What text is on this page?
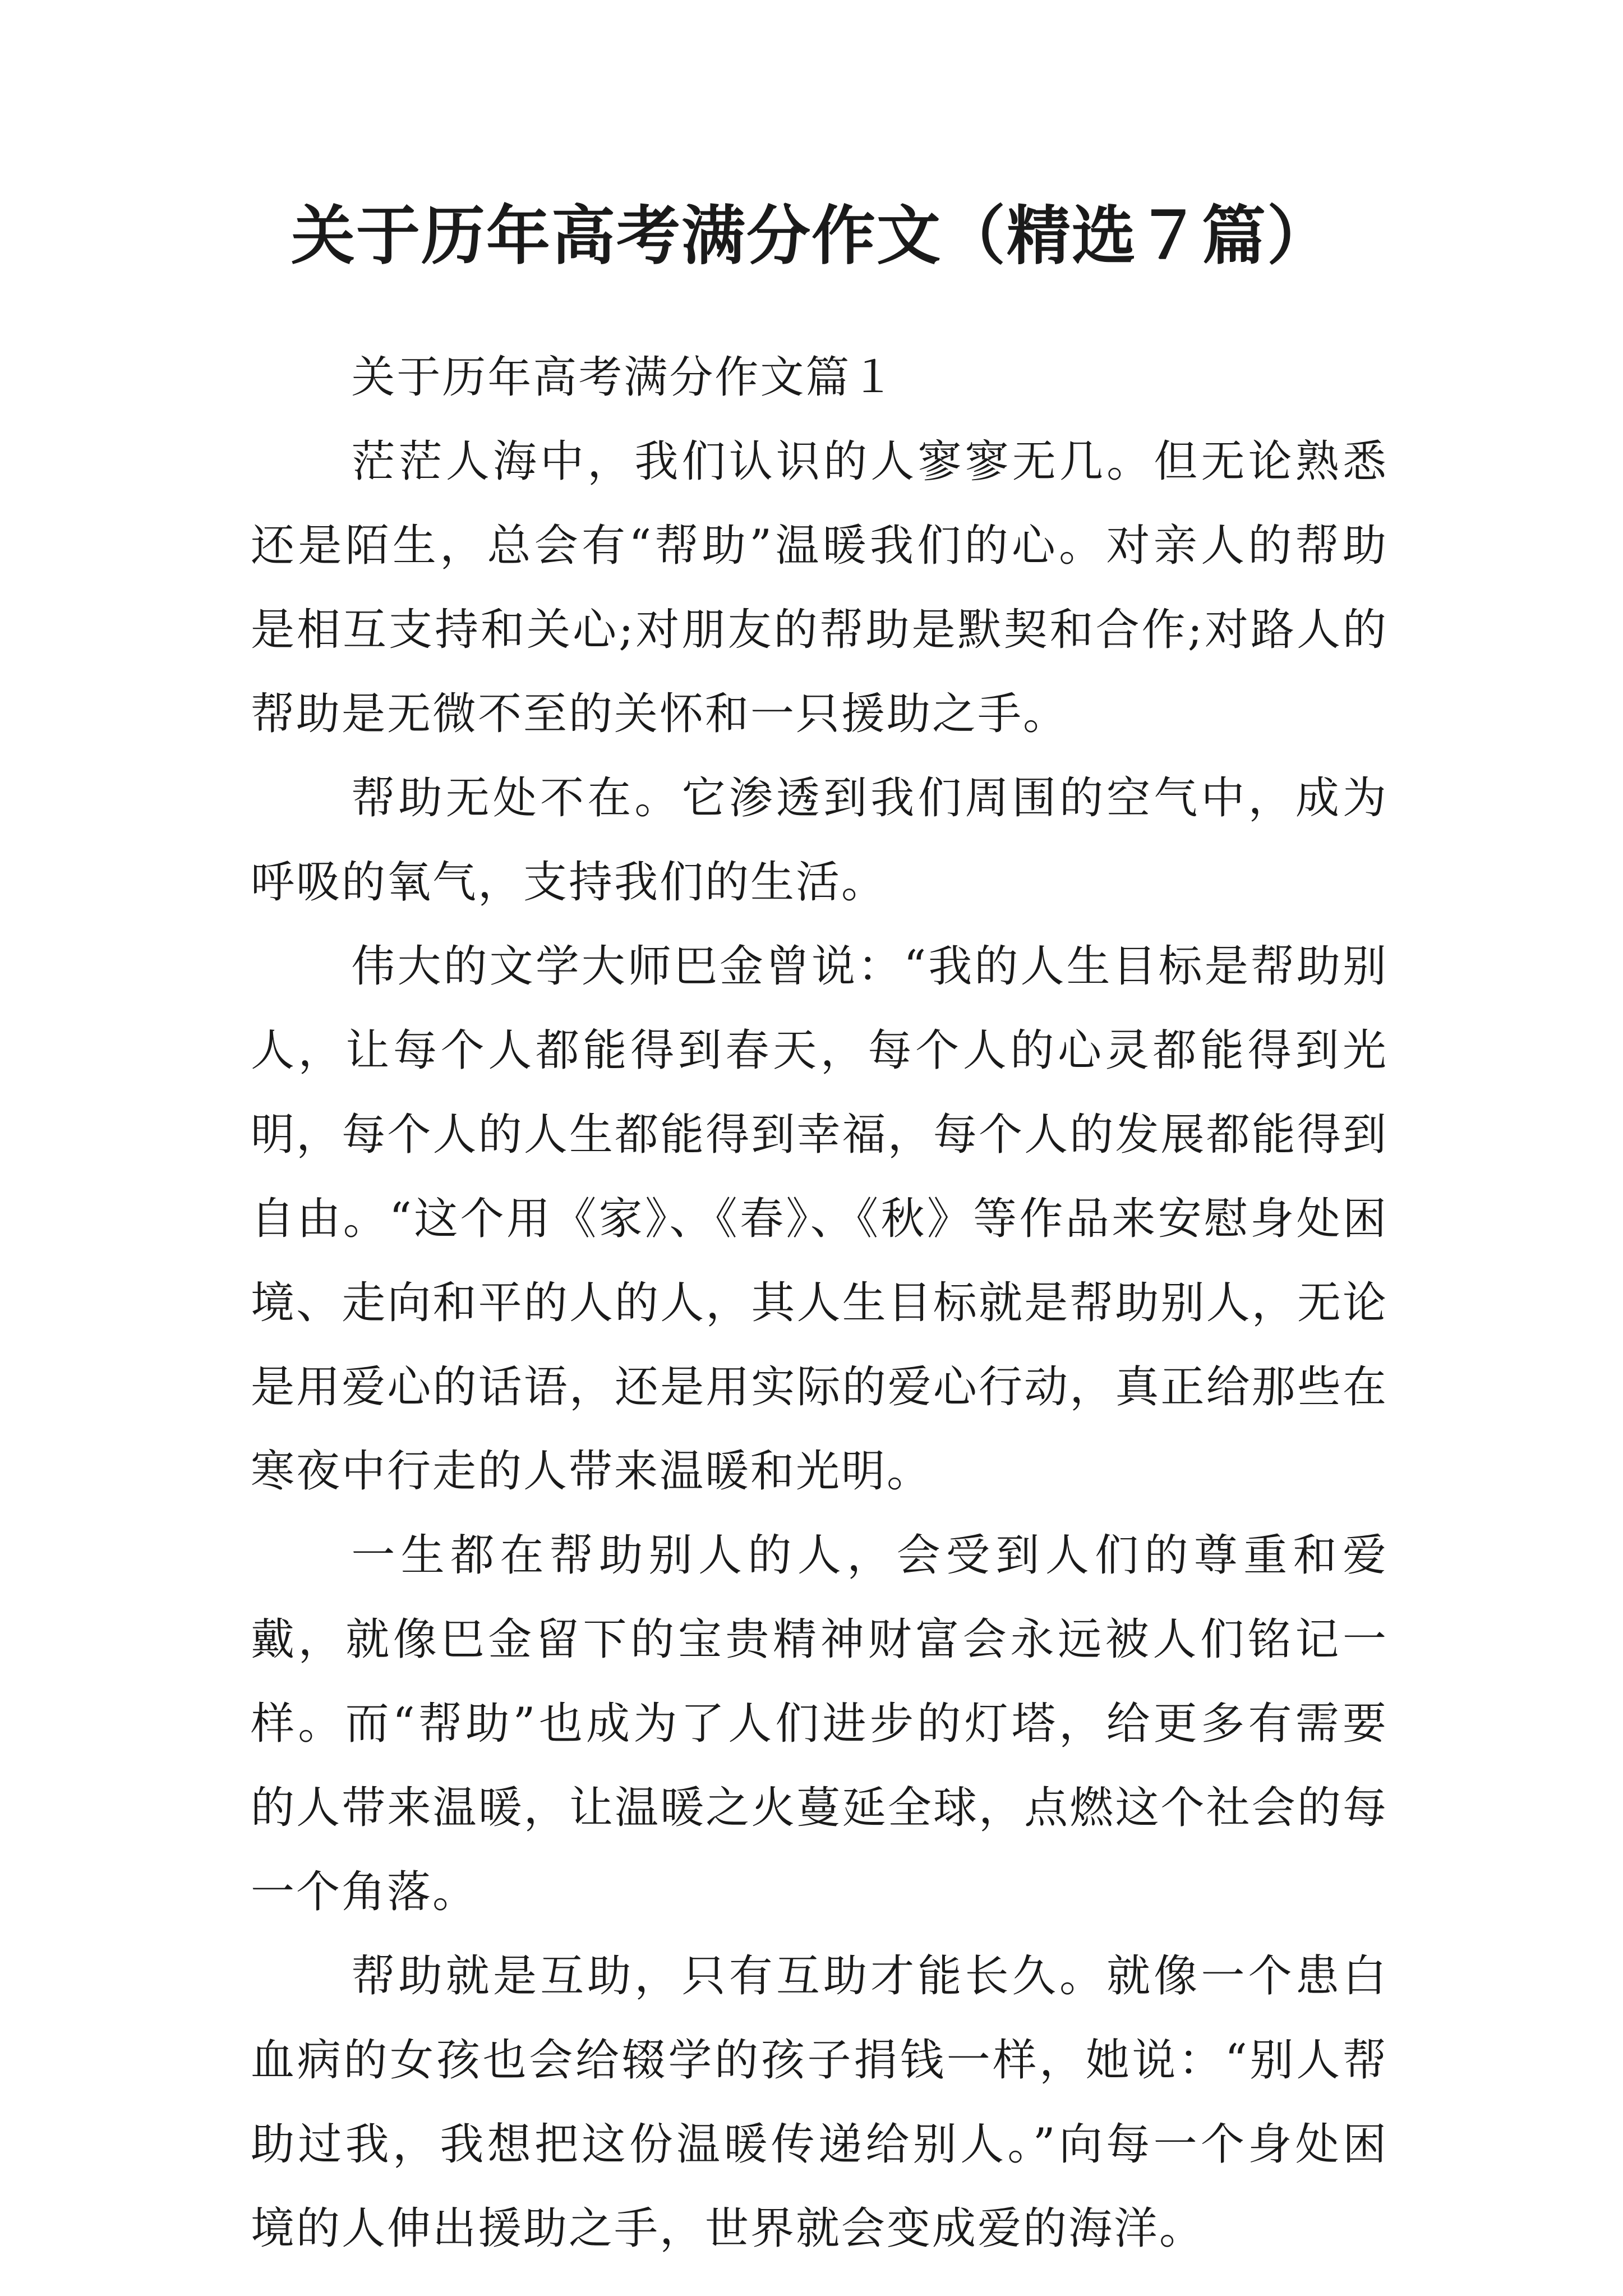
关于历年高考满分作文（精选７篇）

关于历年高考满分作文篇１

茫茫人海中，我们认识的人寥寥无几。但无论熟悉还是陌生，总会有“帮助”温暖我们的心。对亲人的帮助是相互支持和关心;对朋友的帮助是默契和合作;对路人的帮助是无微不至的关怀和一只援助之手。

帮助无处不在。它渗透到我们周围的空气中，成为呼吸的氧气，支持我们的生活。

伟大的文学大师巴金曾说：“我的人生目标是帮助别人，让每个人都能得到春天，每个人的心灵都能得到光明，每个人的人生都能得到幸福，每个人的发展都能得到自由。“这个用《家》、《春》、《秋》等作品来安慰身处困境、走向和平的人的人，其人生目标就是帮助别人，无论是用爱心的话语，还是用实际的爱心行动，真正给那些在寒夜中行走的人带来温暖和光明。

一生都在帮助别人的人，会受到人们的尊重和爱戴，就像巴金留下的宝贵精神财富会永远被人们铭记一样。而“帮助”也成为了人们进步的灯塔，给更多有需要的人带来温暖，让温暖之火蔓延全球，点燃这个社会的每一个角落。

帮助就是互助，只有互助才能长久。就像一个患白血病的女孩也会给辍学的孩子捐钱一样，她说：“别人帮助过我，我想把这份温暖传递给别人。”向每一个身处困境的人伸出援助之手，世界就会变成爱的海洋。
